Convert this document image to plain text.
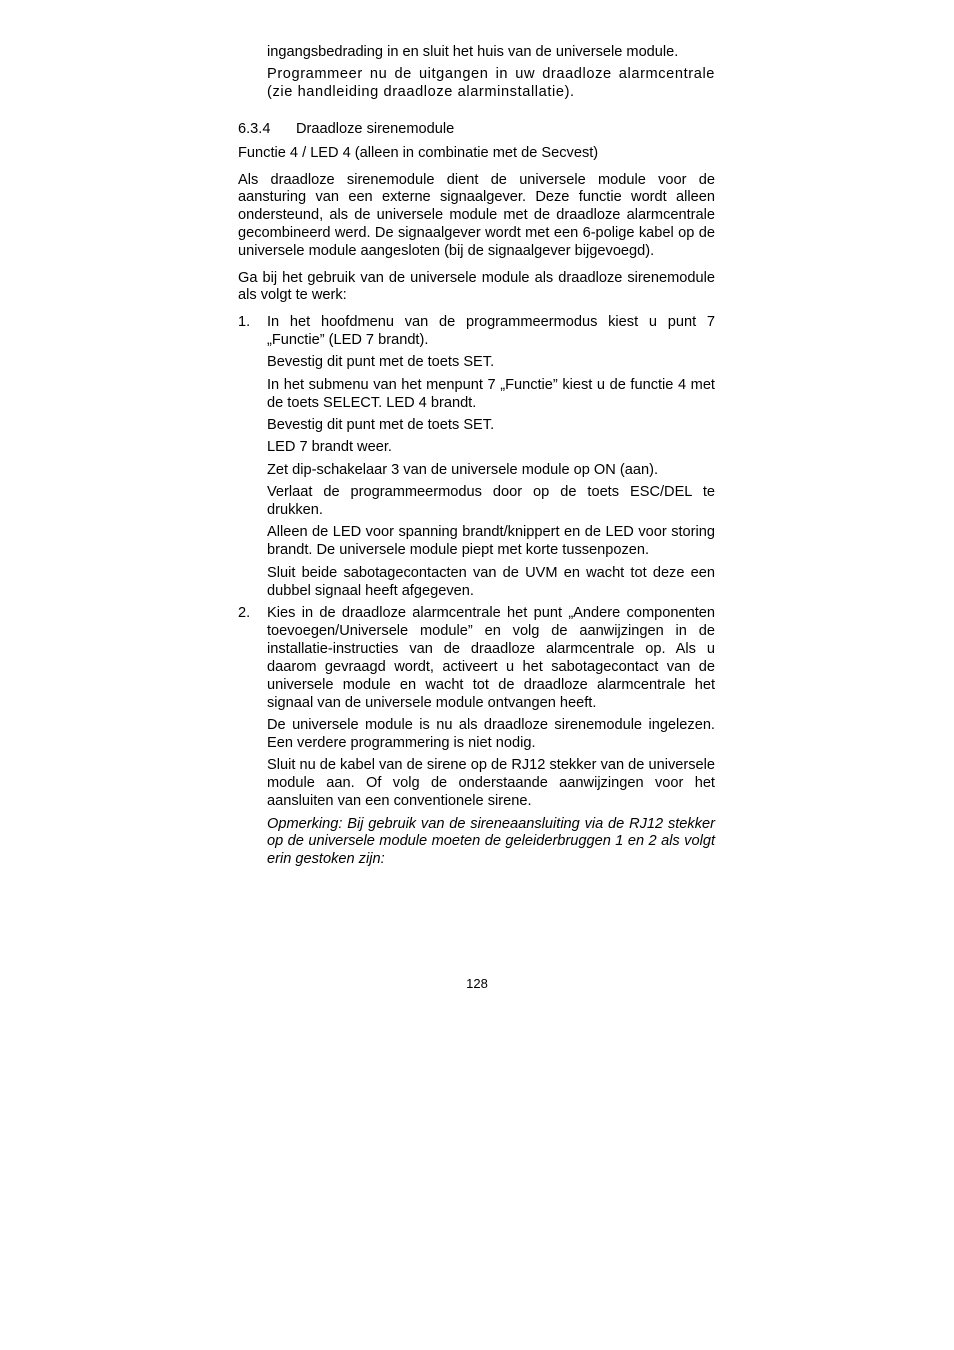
ingangsbedrading in en sluit het huis van de universele module.

Programmeer nu de uitgangen in uw draadloze alarmcentrale (zie handleiding draadloze alarminstallatie).

6.3.4	Draadloze sirenemodule

Functie 4 / LED 4 (alleen in combinatie met de Secvest)

Als draadloze sirenemodule dient de universele module voor de aansturing van een externe signaalgever. Deze functie wordt alleen ondersteund, als de universele module met de draadloze alarmcentrale gecombineerd werd. De signaalgever wordt met een 6-polige kabel op de universele module aangesloten (bij de signaalgever bijgevoegd).

Ga bij het gebruik van de universele module als draadloze sirenemodule als volgt te werk:

1.	In het hoofdmenu van de programmeermodus kiest u punt 7 „Functie” (LED 7 brandt).

Bevestig dit punt met de toets SET.

In het submenu van het menpunt 7 „Functie” kiest u de functie 4 met de toets SELECT. LED 4 brandt.

Bevestig dit punt met de toets SET.

LED 7 brandt weer.

Zet dip-schakelaar 3 van de universele module op ON (aan).

Verlaat de programmeermodus door op de toets ESC/DEL te drukken.

Alleen de LED voor spanning brandt/knippert en de LED voor storing brandt. De universele module piept met korte tussenpozen.

Sluit beide sabotagecontacten van de UVM en wacht tot deze een dubbel signaal heeft afgegeven.

2.	Kies in de draadloze alarmcentrale het punt „Andere componenten toevoegen/Universele module” en volg de aanwijzingen in de installatie-instructies van de draadloze alarmcentrale op. Als u daarom gevraagd wordt, activeert u het sabotagecontact van de universele module en wacht tot de draadloze alarmcentrale het signaal van de universele module ontvangen heeft.

De universele module is nu als draadloze sirenemodule ingelezen. Een verdere programmering is niet nodig.

Sluit nu de kabel van de sirene op de RJ12 stekker van de universele module aan. Of volg de onderstaande aanwijzingen voor het aansluiten van een conventionele sirene.

Opmerking: Bij gebruik van de sireneaansluiting via de RJ12 stekker op de universele module moeten de geleiderbruggen 1 en 2 als volgt erin gestoken zijn:

128
